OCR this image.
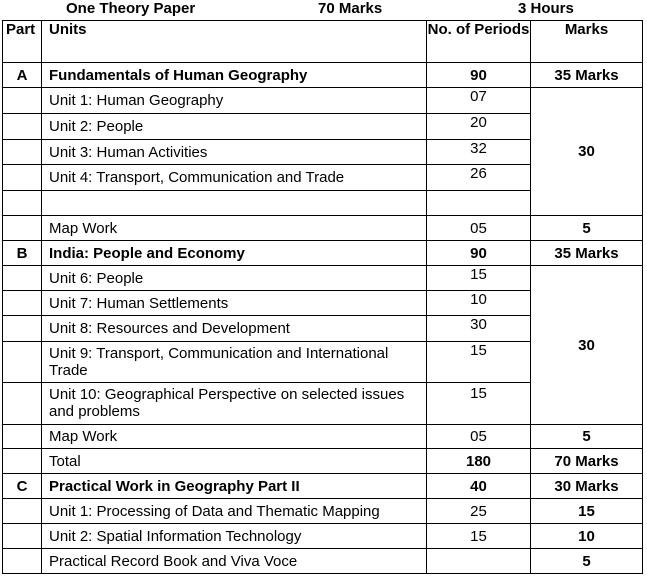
One Theory Paper	70 Marks	3 Hours
Part	Units	No. of Periods	Marks
A	Fundamentals of Human Geography	90	35 Marks
	Unit 1: Human Geography	07	30
	Unit 2: People	20	
	Unit 3: Human Activities	32	
	Unit 4: Transport, Communication and Trade	26	

	Map Work	05	5
B	India: People and Economy	90	35 Marks
	Unit 6: People	15	30
	Unit 7: Human Settlements	10	
	Unit 8: Resources and Development	30	
	Unit 9: Transport, Communication and International Trade	15	
	Unit 10: Geographical Perspective on selected issues and problems	15	
	Map Work	05	5
	Total	180	70 Marks
C	Practical Work in Geography Part II	40	30 Marks
	Unit 1: Processing of Data and Thematic Mapping	25	15
	Unit 2: Spatial Information Technology	15	10
	Practical Record Book and Viva Voce		5
